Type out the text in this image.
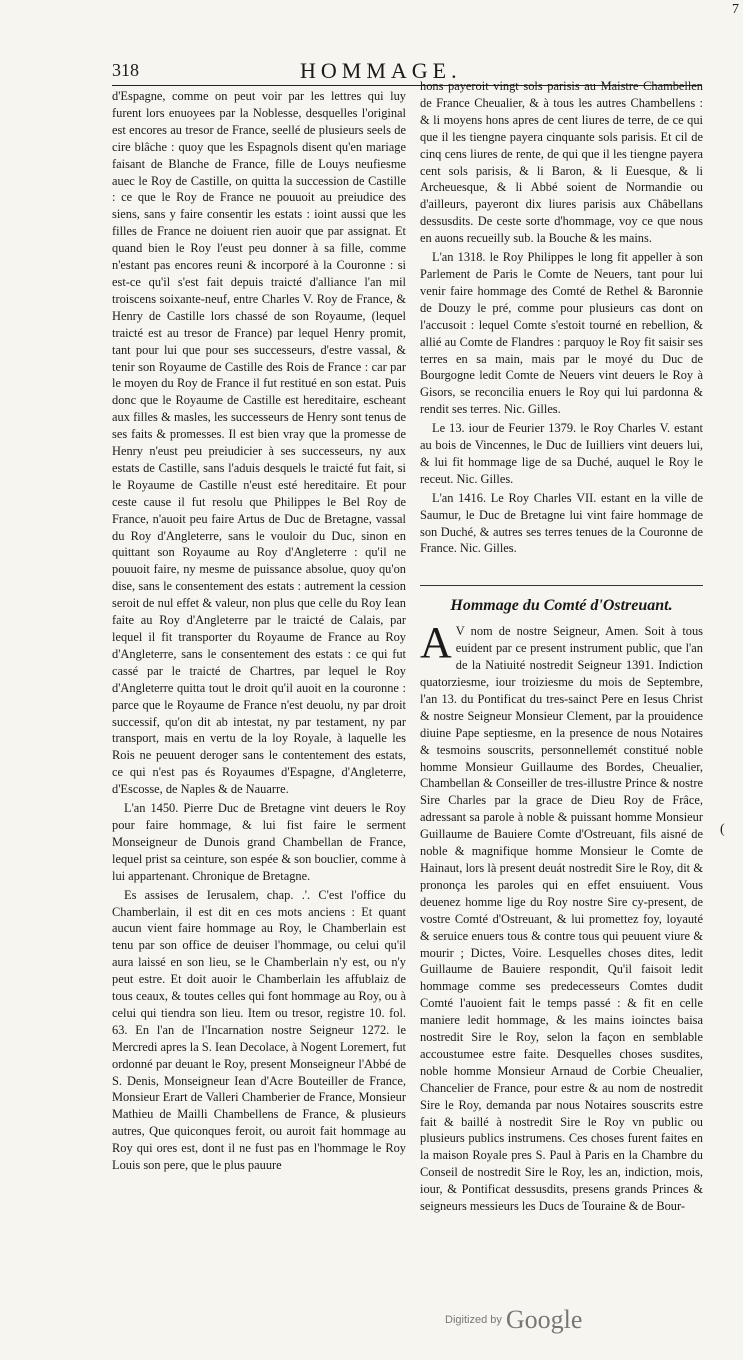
7
318	HOMMAGE.

d'Espagne, comme on peut voir par les lettres qui luy furent lors enuoyees par la Noblesse, desquelles l'original est encores au tresor de France, seellé de plusieurs seels de cire blâche : quoy que les Espagnols disent qu'en mariage faisant de Blanche de France, fille de Louys neufiesme auec le Roy de Castille, on quitta la succession de Castille : ce que le Roy de France ne pouuoit au preiudice des siens, sans y faire consentir les estats : ioint aussi que les filles de France ne doiuent rien auoir que par assignat. Et quand bien le Roy l'eust peu donner à sa fille, comme n'estant pas encores reuni & incorporé à la Couronne : si est-ce qu'il s'est fait depuis traicté d'alliance l'an mil troiscens soixante-neuf, entre Charles V. Roy de France, & Henry de Castille lors chassé de son Royaume, (lequel traicté est au tresor de France) par lequel Henry promit, tant pour lui que pour ses successeurs, d'estre vassal, & tenir son Royaume de Castille des Rois de France : car par le moyen du Roy de France il fut restitué en son estat. Puis donc que le Royaume de Castille est hereditaire, escheant aux filles & masles, les successeurs de Henry sont tenus de ses faits & promesses. Il est bien vray que la promesse de Henry n'eust peu preiudicier à ses successeurs, ny aux estats de Castille, sans l'aduis desquels le traicté fut fait, si le Royaume de Castille n'eust esté hereditaire. Et pour ceste cause il fut resolu que Philippes le Bel Roy de France, n'auoit peu faire Artus de Duc de Bretagne, vassal du Roy d'Angleterre, sans le vouloir du Duc, sinon en quittant son Royaume au Roy d'Angleterre : qu'il ne pouuoit faire, ny mesme de puissance absolue, quoy qu'on dise, sans le consentement des estats : autrement la cession seroit de nul effet & valeur, non plus que celle du Roy Iean faite au Roy d'Angleterre par le traicté de Calais, par lequel il fit transporter du Royaume de France au Roy d'Angleterre, sans le consentement des estats : ce qui fut cassé par le traicté de Chartres, par lequel le Roy d'Angleterre quitta tout le droit qu'il auoit en la couronne : parce que le Royaume de France n'est deuolu, ny par droit successif, qu'on dit ab intestat, ny par testament, ny par transport, mais en vertu de la loy Royale, à laquelle les Rois ne peuuent deroger sans le contentement des estats, ce qui n'est pas és Royaumes d'Espagne, d'Angleterre, d'Escosse, de Naples & de Nauarre.

L'an 1450. Pierre Duc de Bretagne vint deuers le Roy pour faire hommage, & lui fist faire le serment Monseigneur de Dunois grand Chambellan de France, lequel prist sa ceinture, son espée & son bouclier, comme à lui appartenant. Chronique de Bretagne.

Es assises de Ierusalem, chap. .'. C'est l'office du Chamberlain, il est dit en ces mots anciens : Et quant aucun vient faire hommage au Roy, le Chamberlain est tenu par son office de deuiser l'hommage, ou celui qu'il aura laissé en son lieu, se le Chamberlain n'y est, ou n'y peut estre. Et doit auoir le Chamberlain les affublaiz de tous ceaux, & toutes celles qui font hommage au Roy, ou à celui qui tiendra son lieu. Item ou tresor, registre 10. fol. 63. En l'an de l'Incarnation nostre Seigneur 1272. le Mercredi apres la S. Iean Decolace, à Nogent Loremert, fut ordonné par deuant le Roy, present Monseigneur l'Abbé de S. Denis, Monseigneur Iean d'Acre Bouteiller de France, Monsieur Erart de Valleri Chamberier de France, Monsieur Mathieu de Mailli Chambellens de France, & plusieurs autres, Que quiconques feroit, ou auroit fait hommage au Roy qui ores est, dont il ne fust pas en l'hommage le Roy Louis son pere, que le plus pauure

hons payeroit vingt sols parisis au Maistre Chambellen de France Cheualier, & à tous les autres Chambellens : & li moyens hons apres de cent liures de terre, de ce qui que il les tiengne payera cinquante sols parisis. Et cil de cinq cens liures de rente, de qui que il les tiengne payera cent sols parisis, & li Baron, & li Euesque, & li Archeuesque, & li Abbé soient de Normandie ou d'ailleurs, payeront dix liures parisis aux Châbellans dessusdits. De ceste sorte d'hommage, voy ce que nous en auons recueilly sub. la Bouche & les mains.

L'an 1318. le Roy Philippes le long fit appeller à son Parlement de Paris le Comte de Neuers, tant pour lui venir faire hommage des Comté de Rethel & Baronnie de Douzy le pré, comme pour plusieurs cas dont on l'accusoit : lequel Comte s'estoit tourné en rebellion, & allié au Comte de Flandres : parquoy le Roy fit saisir ses terres en sa main, mais par le moyé du Duc de Bourgogne ledit Comte de Neuers vint deuers le Roy à Gisors, se reconcilia enuers le Roy qui lui pardonna & rendit ses terres. Nic. Gilles.

Le 13. iour de Feurier 1379. le Roy Charles V. estant au bois de Vincennes, le Duc de Iuilliers vint deuers lui, & lui fit hommage lige de sa Duché, auquel le Roy le receut. Nic. Gilles.

L'an 1416. Le Roy Charles VII. estant en la ville de Saumur, le Duc de Bretagne lui vint faire hommage de son Duché, & autres ses terres tenues de la Couronne de France. Nic. Gilles.

Hommage du Comté d'Ostreuant.

A V nom de nostre Seigneur, Amen. Soit à tous euident par ce present instrument public, que l'an de la Natiuité nostredit Seigneur 1391. Indiction quatorziesme, iour troiziesme du mois de Septembre, l'an 13. du Pontificat du tres-sainct Pere en Iesus Christ & nostre Seigneur Monsieur Clement, par la prouidence diuine Pape septiesme, en la presence de nous Notaires & tesmoins souscrits, personnellemét constitué noble homme Monsieur Guillaume des Bordes, Cheualier, Chambellan & Conseiller de tres-illustre Prince & nostre Sire Charles par la grace de Dieu Roy de Frâce, adressant sa parole à noble & puissant homme Monsieur Guillaume de Bauiere Comte d'Ostreuant, fils aisné de noble & magnifique homme Monsieur le Comte de Hainaut, lors là present deuát nostredit Sire le Roy, dit & prononça les paroles qui en effet ensuiuent. Vous deuenez homme lige du Roy nostre Sire cy-present, de vostre Comté d'Ostreuant, & lui promettez foy, loyauté & seruice enuers tous & contre tous qui peuuent viure & mourir ; Dictes, Voire. Lesquelles choses dites, ledit Guillaume de Bauiere respondit, Qu'il faisoit ledit hommage comme ses predecesseurs Comtes dudit Comté l'auoient fait le temps passé : & fit en celle maniere ledit hommage, & les mains ioinctes baisa nostredit Sire le Roy, selon la façon en semblable accoustumee estre faite. Desquelles choses susdites, noble homme Monsieur Arnaud de Corbie Cheualier, Chancelier de France, pour estre & au nom de nostredit Sire le Roy, demanda par nous Notaires souscrits estre fait & baillé à nostredit Sire le Roy vn public ou plusieurs publics instrumens. Ces choses furent faites en la maison Royale pres S. Paul à Paris en la Chambre du Conseil de nostredit Sire le Roy, les an, indiction, mois, iour, & Pontificat dessusdits, presens grands Princes & seigneurs messieurs les Ducs de Touraine & de Bour-

(
Digitized by Google
